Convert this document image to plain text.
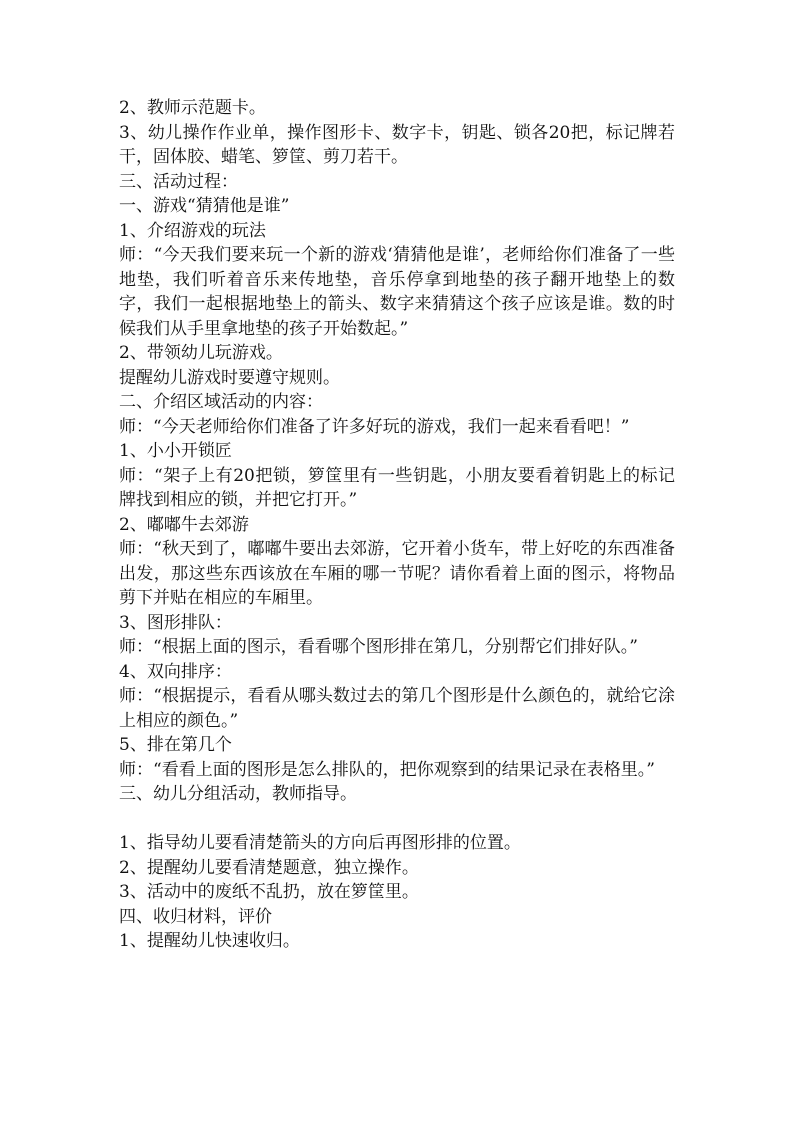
2、教师示范题卡。
3、幼儿操作作业单，操作图形卡、数字卡，钥匙、锁各20把，标记牌若干，固体胶、蜡笔、箩筐、剪刀若干。
三、活动过程：
一、游戏“猜猜他是谁”
1、介绍游戏的玩法
师：“今天我们要来玩一个新的游戏‘猜猜他是谁’，老师给你们准备了一些地垫，我们听着音乐来传地垫，音乐停拿到地垫的孩子翻开地垫上的数字，我们一起根据地垫上的箭头、数字来猜猜这个孩子应该是谁。数的时候我们从手里拿地垫的孩子开始数起。”
2、带领幼儿玩游戏。
提醒幼儿游戏时要遵守规则。
二、介绍区域活动的内容：
师：“今天老师给你们准备了许多好玩的游戏，我们一起来看看吧！”
1、小小开锁匠
师：“架子上有20把锁，箩筐里有一些钥匙，小朋友要看着钥匙上的标记牌找到相应的锁，并把它打开。”
2、嘟嘟牛去郊游
师：“秋天到了，嘟嘟牛要出去郊游，它开着小货车，带上好吃的东西准备出发，那这些东西该放在车厢的哪一节呢？请你看着上面的图示，将物品剪下并贴在相应的车厢里。
3、图形排队：
师：“根据上面的图示，看看哪个图形排在第几，分别帮它们排好队。”
4、双向排序：
师：“根据提示，看看从哪头数过去的第几个图形是什么颜色的，就给它涂上相应的颜色。”
5、排在第几个
师：“看看上面的图形是怎么排队的，把你观察到的结果记录在表格里。”
三、幼儿分组活动，教师指导。
1、指导幼儿要看清楚箭头的方向后再图形排的位置。
2、提醒幼儿要看清楚题意，独立操作。
3、活动中的废纸不乱扔，放在箩筐里。
四、收归材料，评价
1、提醒幼儿快速收归。
